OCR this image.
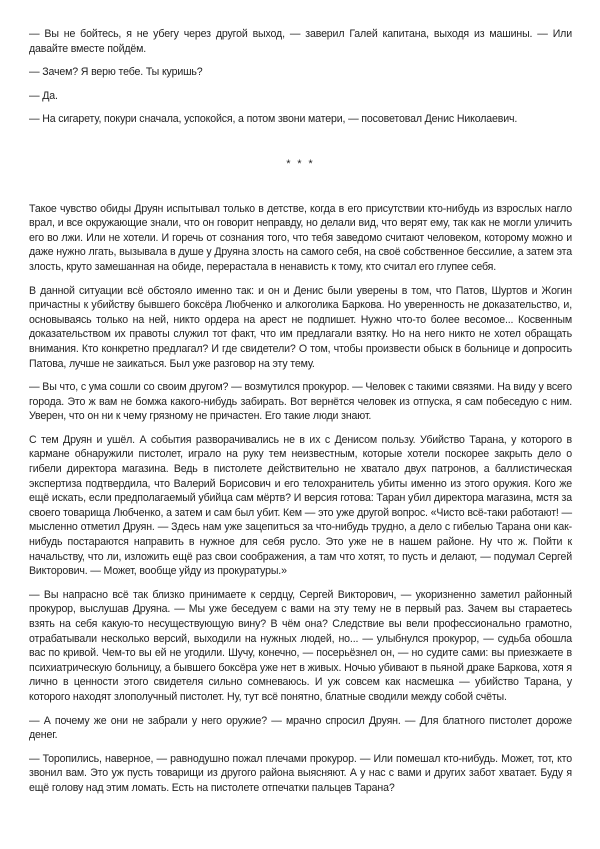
— Вы не бойтесь, я не убегу через другой выход, — заверил Галей капитана, выходя из машины. — Или давайте вместе пойдём.

— Зачем? Я верю тебе. Ты куришь?

— Да.

— На сигарету, покури сначала, успокойся, а потом звони матери, — посоветовал Денис Николаевич.

* * *

Такое чувство обиды Друян испытывал только в детстве, когда в его присутствии кто-нибудь из взрослых нагло врал, и все окружающие знали, что он говорит неправду, но делали вид, что верят ему, так как не могли уличить его во лжи. Или не хотели. И горечь от сознания того, что тебя заведомо считают человеком, которому можно и даже нужно лгать, вызывала в душе у Друяна злость на самого себя, на своё собственное бессилие, а затем эта злость, круто замешанная на обиде, перерастала в ненависть к тому, кто считал его глупее себя.

В данной ситуации всё обстояло именно так: и он и Денис были уверены в том, что Патов, Шуртов и Жогин причастны к убийству бывшего боксёра Любченко и алкоголика Баркова. Но уверенность не доказательство, и, основываясь только на ней, никто ордера на арест не подпишет. Нужно что-то более весомое... Косвенным доказательством их правоты служил тот факт, что им предлагали взятку. Но на него никто не хотел обращать внимания. Кто конкретно предлагал? И где свидетели? О том, чтобы произвести обыск в больнице и допросить Патова, лучше не заикаться. Был уже разговор на эту тему.

— Вы что, с ума сошли со своим другом? — возмутился прокурор. — Человек с такими связями. На виду у всего города. Это ж вам не бомжа какого-нибудь забирать. Вот вернётся человек из отпуска, я сам побеседую с ним. Уверен, что он ни к чему грязному не причастен. Его такие люди знают.

С тем Друян и ушёл. А события разворачивались не в их с Денисом пользу. Убийство Тарана, у которого в кармане обнаружили пистолет, играло на руку тем неизвестным, которые хотели поскорее закрыть дело о гибели директора магазина. Ведь в пистолете действительно не хватало двух патронов, а баллистическая экспертиза подтвердила, что Валерий Борисович и его телохранитель убиты именно из этого оружия. Кого же ещё искать, если предполагаемый убийца сам мёртв? И версия готова: Таран убил директора магазина, мстя за своего товарища Любченко, а затем и сам был убит. Кем — это уже другой вопрос. «Чисто всё-таки работают! — мысленно отметил Друян. — Здесь нам уже зацепиться за что-нибудь трудно, а дело с гибелью Тарана они как-нибудь постараются направить в нужное для себя русло. Это уже не в нашем районе. Ну что ж. Пойти к начальству, что ли, изложить ещё раз свои соображения, а там что хотят, то пусть и делают, — подумал Сергей Викторович. — Может, вообще уйду из прокуратуры.»

— Вы напрасно всё так близко принимаете к сердцу, Сергей Викторович, — укоризненно заметил районный прокурор, выслушав Друяна. — Мы уже беседуем с вами на эту тему не в первый раз. Зачем вы стараетесь взять на себя какую-то несуществующую вину? В чём она? Следствие вы вели профессионально грамотно, отрабатывали несколько версий, выходили на нужных людей, но... — улыбнулся прокурор, — судьба обошла вас по кривой. Чем-то вы ей не угодили. Шучу, конечно, — посерьёзнел он, — но судите сами: вы приезжаете в психиатрическую больницу, а бывшего боксёра уже нет в живых. Ночью убивают в пьяной драке Баркова, хотя я лично в ценности этого свидетеля сильно сомневаюсь. И уж совсем как насмешка — убийство Тарана, у которого находят злополучный пистолет. Ну, тут всё понятно, блатные сводили между собой счёты.

— А почему же они не забрали у него оружие? — мрачно спросил Друян. — Для блатного пистолет дороже денег.

— Торопились, наверное, — равнодушно пожал плечами прокурор. — Или помешал кто-нибудь. Может, тот, кто звонил вам. Это уж пусть товарищи из другого района выясняют. А у нас с вами и других забот хватает. Буду я ещё голову над этим ломать. Есть на пистолете отпечатки пальцев Тарана?
